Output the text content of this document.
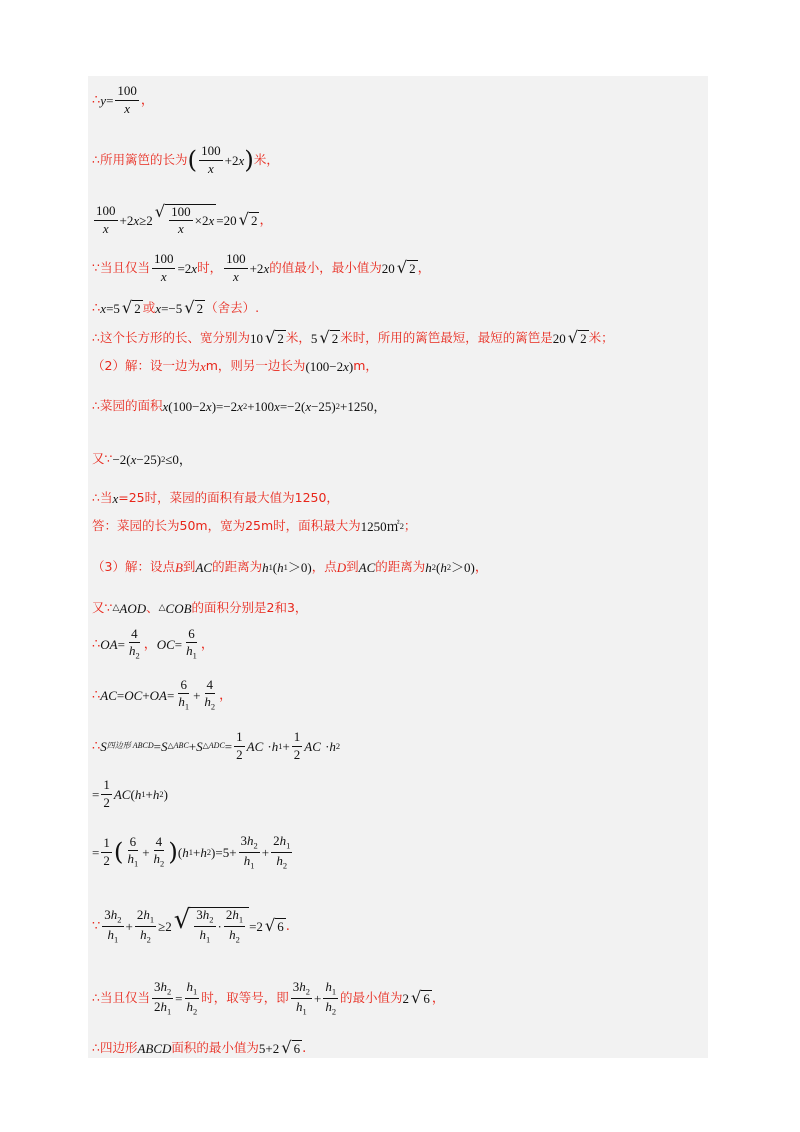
∴ $y = \frac{100}{x}$ ，
∴所用篱笆的长为 ( $\frac{100}{x} +2$ x ) 米，
$\frac{100}{x} +2$ x ≥2 √ $\frac{100}{x} \times 2$ x =20 √ 2 ，
∵当且仅当 $\frac{100}{x} =2$ x 时， $\frac{100}{x} +2$ x 的值最小，最小值为 20 √ 2 ，
∴ x =5 √ 2 或 x =−5 √ 2 （舍去）.
∴这个长方形的长、宽分别为 10 √ 2 米， 5 √ 2 米时，所用的篱笆最短，最短的篱笆是 20 √ 2 米；
（2）解：设一边为 x m，则另一边长为 (100−2 x ) m，
∴菜园的面积 x (100−2 x )=−2 x 2 +100 x =−2( x −25) 2 +1250，
又∵ −2( x −25) 2 ≤0，
∴当 x =25时，菜园的面积有最大值为1250，
答：菜园的长为50m，宽为25m时，面积最大为 1250㎡ 2 ；
（3）解：设点 B 到 AC 的距离为 h 1 ( h 1 ＞0) ，点 D 到 AC 的距离为 h 2 ( h 2 ＞0) ，
又∵ △ AOD 、 △ COB 的面积分别是2和3，
∴ OA = $\frac{4}{h_2}$ ， OC = $\frac{6}{h_1}$ ，
∴ AC = OC + OA = $\frac{6}{h_1} + \frac{4}{h_2}$ ，
∴ S 四边形 ABCD = S △ABC + S △ADC = $\frac{1}{2}$ AC
· h $1 + \frac{1}{2}$ AC
· h 2
= $\frac{1}{2}$ AC ( h 1 + h 2 )
= $\frac{1}{2}$ ( $\frac{6}{h_1} + \frac{4}{h_2}$ ) ( h 1 + h 2 )$=5+ \frac{3h_2}{h_1} + \frac{2h_1}{h_2}$
∵ $\frac{3h_2}{h_1} + \frac{2h_1}{h_2} \ge 2$ √ $\frac{3h_2}{h_1} \cdot \frac{2h_1}{h_2} =2$ √ 6 .
∴当且仅当 $\frac{3h_2}{2h_1} = \frac{h_1}{h_2}$ 时，取等号，即 $\frac{3h_2}{h_1} + \frac{h_1}{h_2}$ 的最小值为 2 √ 6 ，
∴四边形 ABCD 面积的最小值为 5+2 √ 6 .
